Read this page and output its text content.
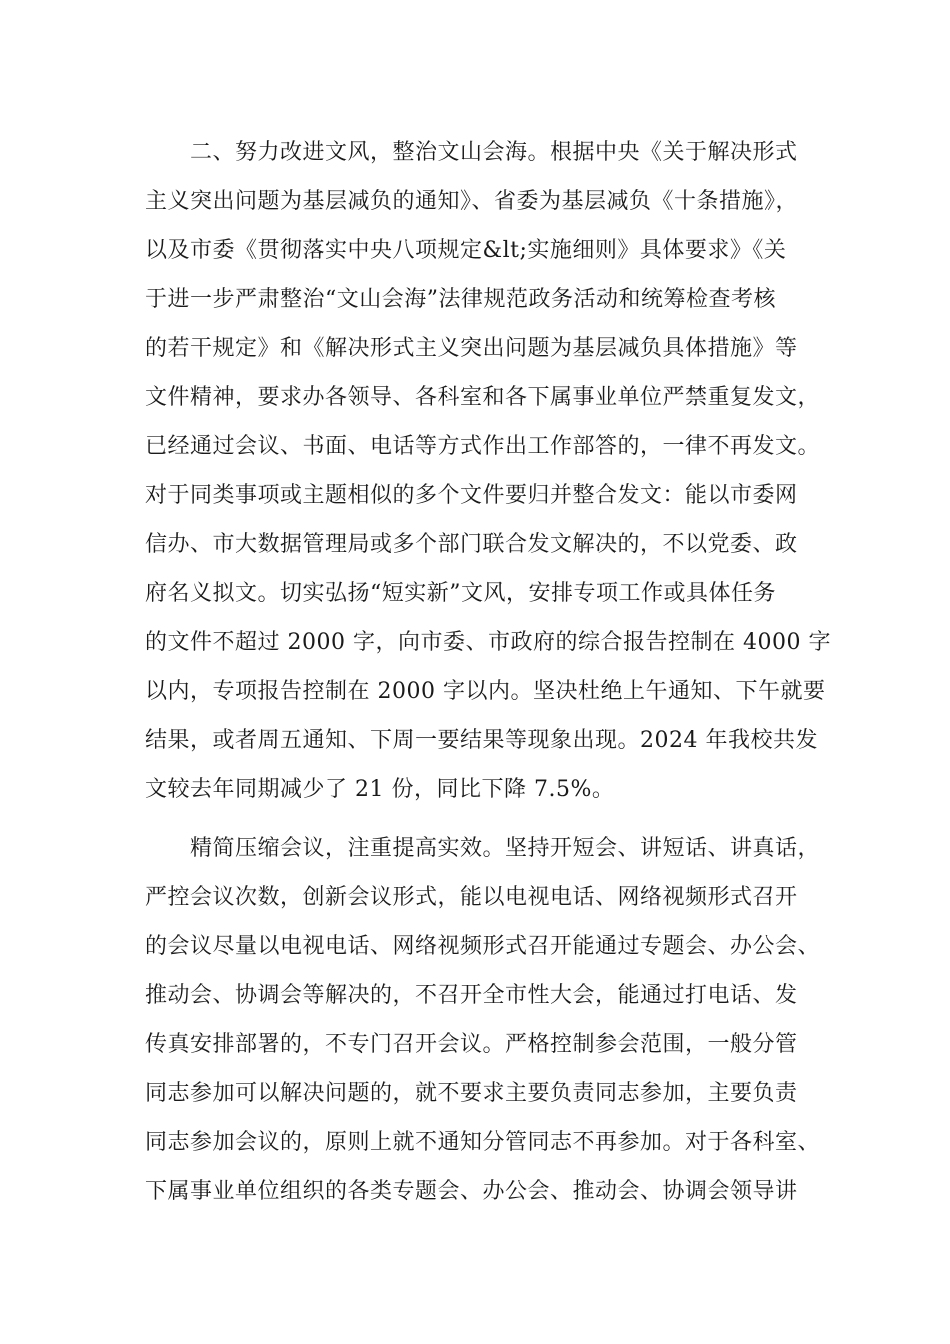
二、努力改进文风，整治文山会海。根据中央《关于解决形式
主义突出问题为基层减负的通知》、省委为基层减负《十条措施》，
以及市委《贯彻落实中央八项规定&lt;实施细则》具体要求》《关
于进一步严肃整治“文山会海”法律规范政务活动和统筹检查考核
的若干规定》和《解决形式主义突出问题为基层减负具体措施》等
文件精神，要求办各领导、各科室和各下属事业单位严禁重复发文，
已经通过会议、书面、电话等方式作出工作部答的，一律不再发文。
对于同类事项或主题相似的多个文件要归并整合发文：能以市委网
信办、市大数据管理局或多个部门联合发文解决的，不以党委、政
府名义拟文。切实弘扬“短实新”文风，安排专项工作或具体任务
的文件不超过 2000 字，向市委、市政府的综合报告控制在 4000 字
以内，专项报告控制在 2000 字以内。坚决杜绝上午通知、下午就要
结果，或者周五通知、下周一要结果等现象出现。2024 年我校共发
文较去年同期减少了 21 份，同比下降 7.5%。
精简压缩会议，注重提高实效。坚持开短会、讲短话、讲真话，
严控会议次数，创新会议形式，能以电视电话、网络视频形式召开
的会议尽量以电视电话、网络视频形式召开能通过专题会、办公会、
推动会、协调会等解决的，不召开全市性大会，能通过打电话、发
传真安排部署的，不专门召开会议。严格控制参会范围，一般分管
同志参加可以解决问题的，就不要求主要负责同志参加，主要负责
同志参加会议的，原则上就不通知分管同志不再参加。对于各科室、
下属事业单位组织的各类专题会、办公会、推动会、协调会领导讲
